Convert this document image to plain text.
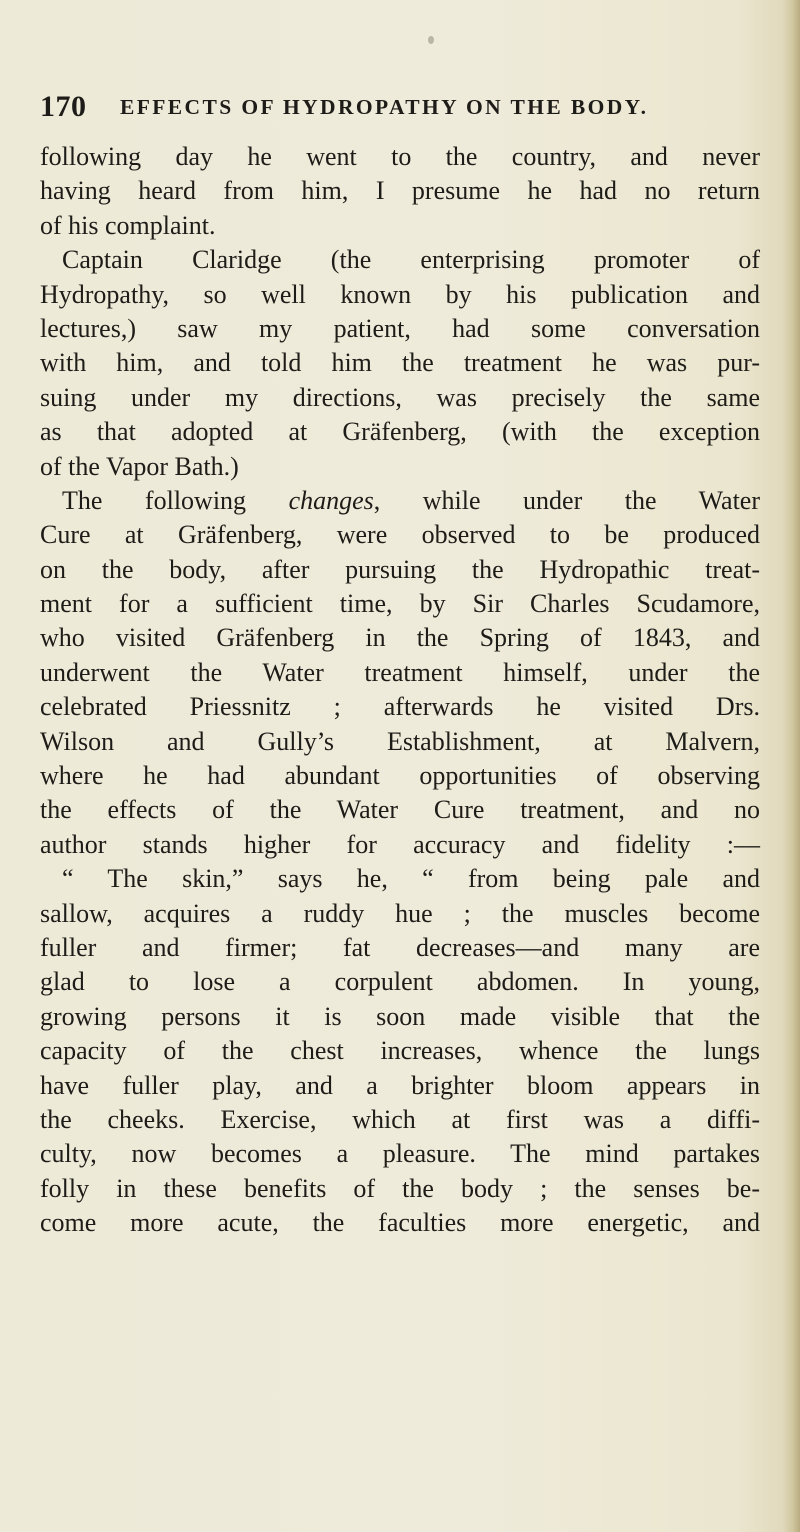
170 EFFECTS OF HYDROPATHY ON THE BODY.
following day he went to the country, and never
having heard from him, I presume he had no return
of his complaint.
Captain Claridge (the enterprising promoter of
Hydropathy, so well known by his publication and
lectures,) saw my patient, had some conversation
with him, and told him the treatment he was pur-
suing under my directions, was precisely the same
as that adopted at Gräfenberg, (with the exception
of the Vapor Bath.)
The following changes, while under the Water
Cure at Gräfenberg, were observed to be produced
on the body, after pursuing the Hydropathic treat-
ment for a sufficient time, by Sir Charles Scudamore,
who visited Gräfenberg in the Spring of 1843, and
underwent the Water treatment himself, under the
celebrated Priessnitz ; afterwards he visited Drs.
Wilson and Gully’s Establishment, at Malvern,
where he had abundant opportunities of observing
the effects of the Water Cure treatment, and no
author stands higher for accuracy and fidelity :—
“ The skin,” says he, “ from being pale and
sallow, acquires a ruddy hue ; the muscles become
fuller and firmer; fat decreases—and many are
glad to lose a corpulent abdomen. In young,
growing persons it is soon made visible that the
capacity of the chest increases, whence the lungs
have fuller play, and a brighter bloom appears in
the cheeks. Exercise, which at first was a diffi-
culty, now becomes a pleasure. The mind partakes
folly in these benefits of the body ; the senses be-
come more acute, the faculties more energetic, and
